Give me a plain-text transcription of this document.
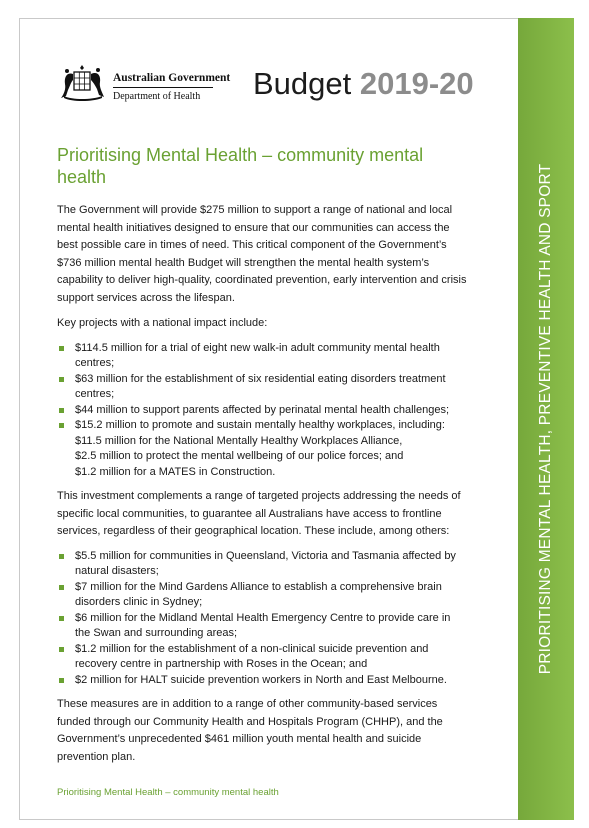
PRIORITISING MENTAL HEALTH, PREVENTIVE HEALTH AND SPORT
Australian Government
Department of Health	Budget 2019-20
Prioritising Mental Health – community mental health

The Government will provide $275 million to support a range of national and local mental health initiatives designed to ensure that our communities can access the best possible care in times of need. This critical component of the Government’s $736 million mental health Budget will strengthen the mental health system’s capability to deliver high-quality, coordinated prevention, early intervention and crisis support services across the lifespan.

Key projects with a national impact include:

$114.5 million for a trial of eight new walk-in adult community mental health centres;
$63 million for the establishment of six residential eating disorders treatment centres;
$44 million to support parents affected by perinatal mental health challenges;
$15.2 million to promote and sustain mentally healthy workplaces, including:
$11.5 million for the National Mentally Healthy Workplaces Alliance,
$2.5 million to protect the mental wellbeing of our police forces; and
$1.2 million for a MATES in Construction.

This investment complements a range of targeted projects addressing the needs of specific local communities, to guarantee all Australians have access to frontline services, regardless of their geographical location. These include, among others:

$5.5 million for communities in Queensland, Victoria and Tasmania affected by natural disasters;
$7 million for the Mind Gardens Alliance to establish a comprehensive brain disorders clinic in Sydney;
$6 million for the Midland Mental Health Emergency Centre to provide care in the Swan and surrounding areas;
$1.2 million for the establishment of a non-clinical suicide prevention and recovery centre in partnership with Roses in the Ocean; and
$2 million for HALT suicide prevention workers in North and East Melbourne.

These measures are in addition to a range of other community-based services funded through our Community Health and Hospitals Program (CHHP), and the Government’s unprecedented $461 million youth mental health and suicide prevention plan.

Prioritising Mental Health – community mental health
